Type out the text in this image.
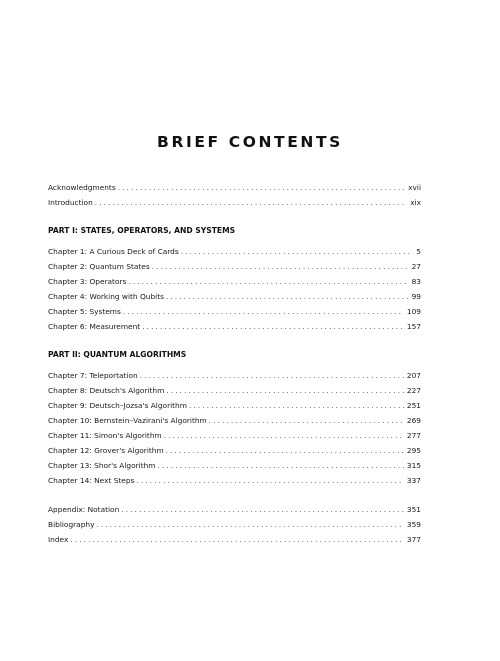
BRIEF CONTENTS
Acknowledgments . . .	xvii
Introduction . . .	xix
PART I: STATES, OPERATORS, AND SYSTEMS
Chapter 1: A Curious Deck of Cards . . .	5
Chapter 2: Quantum States . . .	27
Chapter 3: Operators . . .	83
Chapter 4: Working with Qubits . . .	99
Chapter 5: Systems . . .	109
Chapter 6: Measurement . . .	157
PART II: QUANTUM ALGORITHMS
Chapter 7: Teleportation . . .	207
Chapter 8: Deutsch's Algorithm . . .	227
Chapter 9: Deutsch–Jozsa's Algorithm . . .	251
Chapter 10: Bernstein–Vazirani's Algorithm . . .	269
Chapter 11: Simon's Algorithm . . .	277
Chapter 12: Grover's Algorithm . . .	295
Chapter 13: Shor's Algorithm . . .	315
Chapter 14: Next Steps . . .	337
Appendix: Notation . . .	351
Bibliography . . .	359
Index . . .	377
